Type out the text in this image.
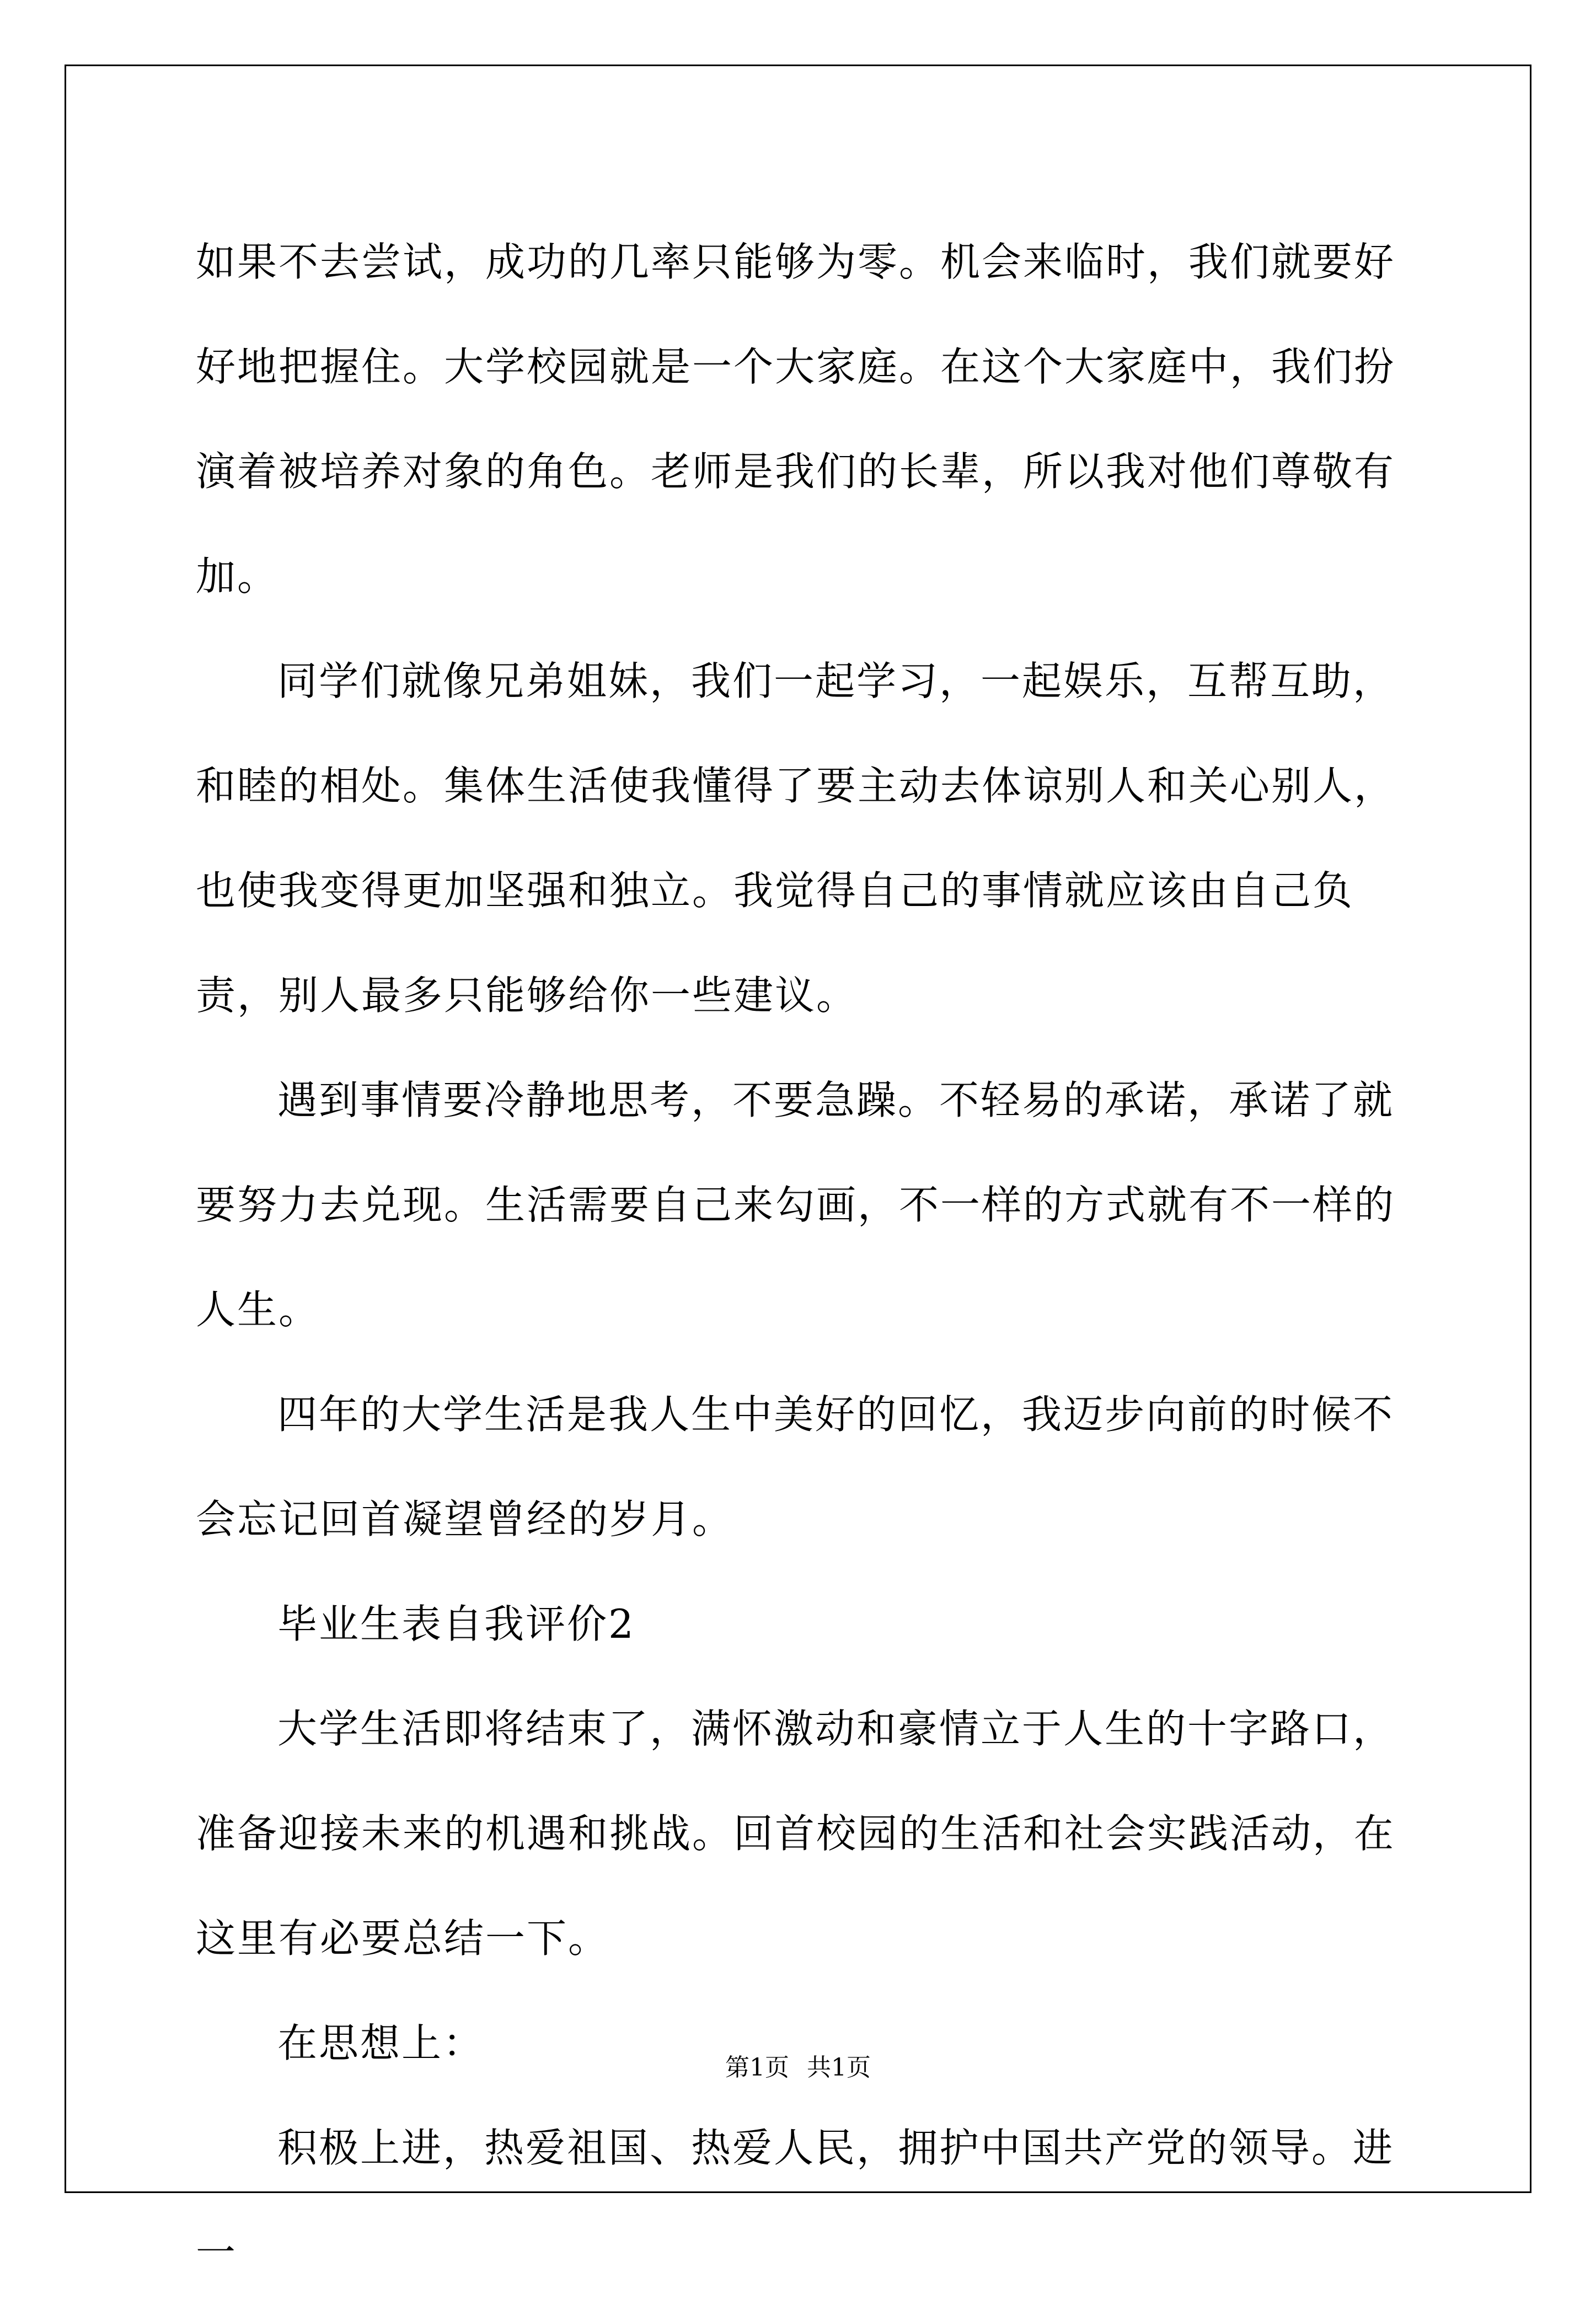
如果不去尝试，成功的几率只能够为零。机会来临时，我们就要好好地把握住。大学校园就是一个大家庭。在这个大家庭中，我们扮演着被培养对象的角色。老师是我们的长辈，所以我对他们尊敬有加。

同学们就像兄弟姐妹，我们一起学习，一起娱乐，互帮互助，和睦的相处。集体生活使我懂得了要主动去体谅别人和关心别人，也使我变得更加坚强和独立。我觉得自己的事情就应该由自己负责，别人最多只能够给你一些建议。

遇到事情要冷静地思考，不要急躁。不轻易的承诺，承诺了就要努力去兑现。生活需要自己来勾画，不一样的方式就有不一样的人生。

四年的大学生活是我人生中美好的回忆，我迈步向前的时候不会忘记回首凝望曾经的岁月。

毕业生表自我评价2

大学生活即将结束了，满怀激动和豪情立于人生的十字路口，准备迎接未来的机遇和挑战。回首校园的生活和社会实践活动，在这里有必要总结一下。

在思想上：

积极上进，热爱祖国、热爱人民，拥护中国共产党的领导。进一

第1页 共1页
